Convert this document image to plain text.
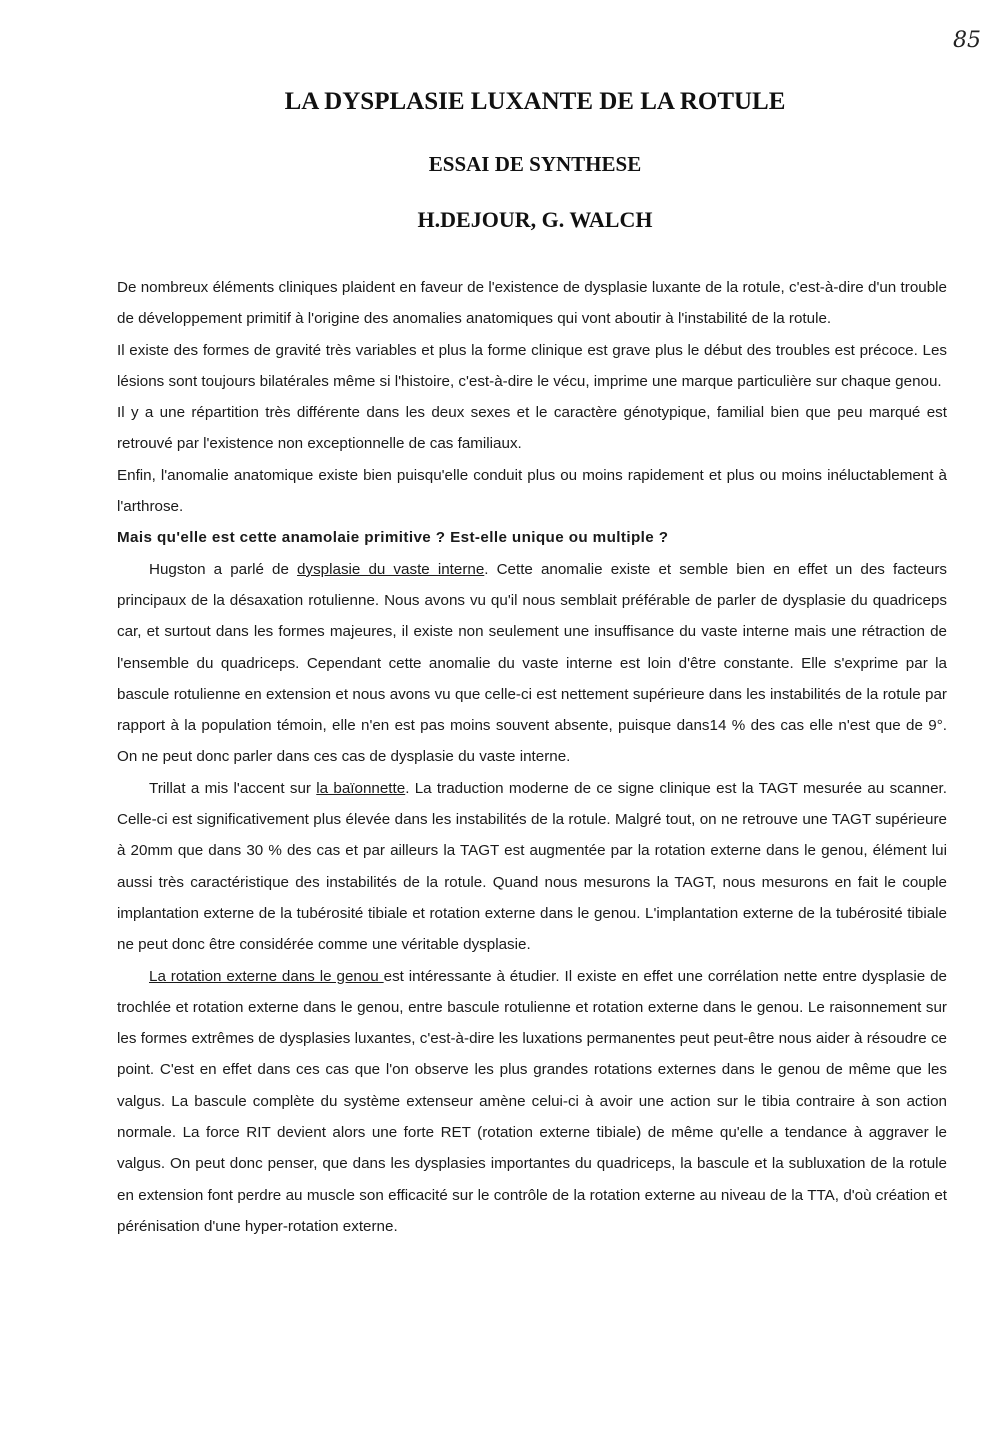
85
LA DYSPLASIE LUXANTE DE LA ROTULE
ESSAI DE SYNTHESE
H.DEJOUR, G. WALCH

De nombreux éléments cliniques plaident en faveur de l'existence de dysplasie luxante de la rotule, c'est-à-dire d'un trouble de développement primitif à l'origine des anomalies anatomiques qui vont aboutir à l'instabilité de la rotule.

Il existe des formes de gravité très variables et plus la forme clinique est grave plus le début des troubles est précoce. Les lésions sont toujours bilatérales même si l'histoire, c'est-à-dire le vécu, imprime une marque particulière sur chaque genou.

Il y a une répartition très différente dans les deux sexes et le caractère génotypique, familial bien que peu marqué est retrouvé par l'existence non exceptionnelle de cas familiaux.

Enfin, l'anomalie anatomique existe bien puisqu'elle conduit plus ou moins rapidement et plus ou moins inéluctablement à l'arthrose.

Mais qu'elle est cette anamolaie primitive ? Est-elle unique ou multiple ?

Hugston a parlé de dysplasie du vaste interne. Cette anomalie existe et semble bien en effet un des facteurs principaux de la désaxation rotulienne. Nous avons vu qu'il nous semblait préférable de parler de dysplasie du quadriceps car, et surtout dans les formes majeures, il existe non seulement une insuffisance du vaste interne mais une rétraction de l'ensemble du quadriceps. Cependant cette anomalie du vaste interne est loin d'être constante. Elle s'exprime par la bascule rotulienne en extension et nous avons vu que celle-ci est nettement supérieure dans les instabilités de la rotule par rapport à la population témoin, elle n'en est pas moins souvent absente, puisque dans14 % des cas elle n'est que de 9°. On ne peut donc parler dans ces cas de dysplasie du vaste interne.

Trillat a mis l'accent sur la baïonnette. La traduction moderne de ce signe clinique est la TAGT mesurée au scanner. Celle-ci est significativement plus élevée dans les instabilités de la rotule. Malgré tout, on ne retrouve une TAGT supérieure à 20mm que dans 30 % des cas et par ailleurs la TAGT est augmentée par la rotation externe dans le genou, élément lui aussi très caractéristique des instabilités de la rotule. Quand nous mesurons la TAGT, nous mesurons en fait le couple implantation externe de la tubérosité tibiale et rotation externe dans le genou. L'implantation externe de la tubérosité tibiale ne peut donc être considérée comme une véritable dysplasie.

La rotation externe dans le genou est intéressante à étudier. Il existe en effet une corrélation nette entre dysplasie de trochlée et rotation externe dans le genou, entre bascule rotulienne et rotation externe dans le genou. Le raisonnement sur les formes extrêmes de dysplasies luxantes, c'est-à-dire les luxations permanentes peut peut-être nous aider à résoudre ce point. C'est en effet dans ces cas que l'on observe les plus grandes rotations externes dans le genou de même que les valgus. La bascule complète du système extenseur amène celui-ci à avoir une action sur le tibia contraire à son action normale. La force RIT devient alors une forte RET (rotation externe tibiale) de même qu'elle a tendance à aggraver le valgus. On peut donc penser, que dans les dysplasies importantes du quadriceps, la bascule et la subluxation de la rotule en extension font perdre au muscle son efficacité sur le contrôle de la rotation externe au niveau de la TTA, d'où création et pérénisation d'une hyper-rotation externe.
